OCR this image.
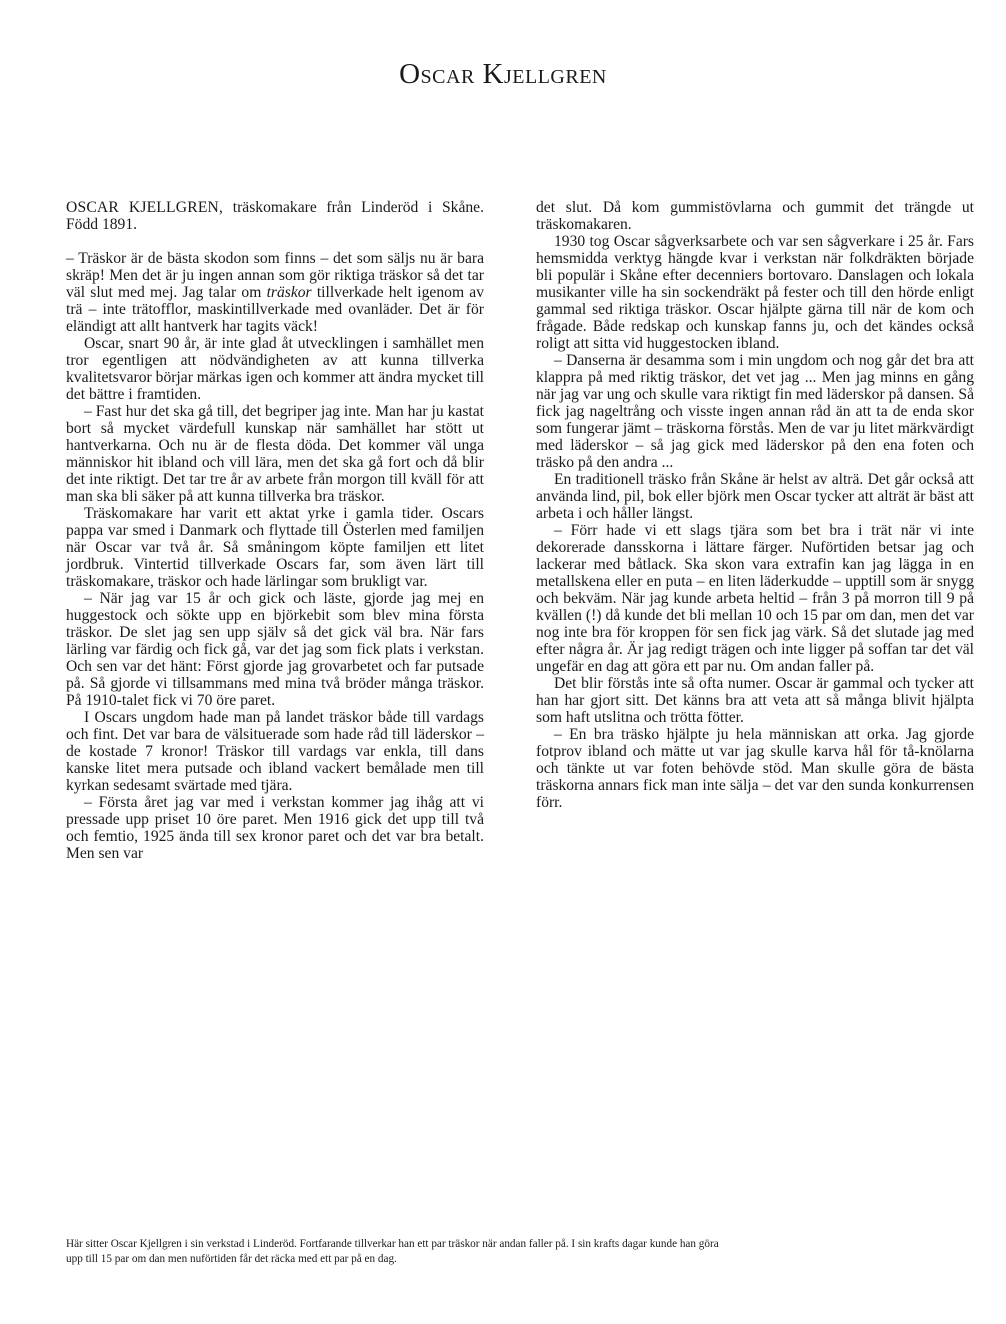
Oscar Kjellgren

OSCAR KJELLGREN, träskomakare från Linderöd i Skåne. Född 1891.

– Träskor är de bästa skodon som finns – det som säljs nu är bara skräp! Men det är ju ingen annan som gör riktiga träskor så det tar väl slut med mej. Jag talar om träskor tillverkade helt igenom av trä – inte trätofflor, maskintillverkade med ovanläder. Det är för eländigt att allt hantverk har tagits väck!

Oscar, snart 90 år, är inte glad åt utvecklingen i samhället men tror egentligen att nödvändigheten av att kunna tillverka kvalitetsvaror börjar märkas igen och kommer att ändra mycket till det bättre i framtiden.

– Fast hur det ska gå till, det begriper jag inte. Man har ju kastat bort så mycket värdefull kunskap när samhället har stött ut hantverkarna. Och nu är de flesta döda. Det kommer väl unga människor hit ibland och vill lära, men det ska gå fort och då blir det inte riktigt. Det tar tre år av arbete från morgon till kväll för att man ska bli säker på att kunna tillverka bra träskor.

Träskomakare har varit ett aktat yrke i gamla tider. Oscars pappa var smed i Danmark och flyttade till Österlen med familjen när Oscar var två år. Så småningom köpte familjen ett litet jordbruk. Vintertid tillverkade Oscars far, som även lärt till träskomakare, träskor och hade lärlingar som brukligt var.

– När jag var 15 år och gick och läste, gjorde jag mej en huggestock och sökte upp en björkebit som blev mina första träskor. De slet jag sen upp själv så det gick väl bra. När fars lärling var färdig och fick gå, var det jag som fick plats i verkstan. Och sen var det hänt: Först gjorde jag grovarbetet och far putsade på. Så gjorde vi tillsammans med mina två bröder många träskor. På 1910-talet fick vi 70 öre paret.

I Oscars ungdom hade man på landet träskor både till vardags och fint. Det var bara de välsituerade som hade råd till läderskor – de kostade 7 kronor! Träskor till vardags var enkla, till dans kanske litet mera putsade och ibland vackert bemålade men till kyrkan sedesamt svärtade med tjära.

– Första året jag var med i verkstan kommer jag ihåg att vi pressade upp priset 10 öre paret. Men 1916 gick det upp till två och femtio, 1925 ända till sex kronor paret och det var bra betalt. Men sen var

det slut. Då kom gummistövlarna och gummit det trängde ut träskomakaren.

1930 tog Oscar sågverksarbete och var sen sågverkare i 25 år. Fars hemsmidda verktyg hängde kvar i verkstan när folkdräkten började bli populär i Skåne efter decenniers bortovaro. Danslagen och lokala musikanter ville ha sin sockendräkt på fester och till den hörde enligt gammal sed riktiga träskor. Oscar hjälpte gärna till när de kom och frågade. Både redskap och kunskap fanns ju, och det kändes också roligt att sitta vid huggestocken ibland.

– Danserna är desamma som i min ungdom och nog går det bra att klappra på med riktig träskor, det vet jag ... Men jag minns en gång när jag var ung och skulle vara riktigt fin med läderskor på dansen. Så fick jag nageltrång och visste ingen annan råd än att ta de enda skor som fungerar jämt – träskorna förstås. Men de var ju litet märkvärdigt med läderskor – så jag gick med läderskor på den ena foten och träsko på den andra ...

En traditionell träsko från Skåne är helst av alträ. Det går också att använda lind, pil, bok eller björk men Oscar tycker att alträt är bäst att arbeta i och håller längst.

– Förr hade vi ett slags tjära som bet bra i trät när vi inte dekorerade dansskorna i lättare färger. Nuförtiden betsar jag och lackerar med båtlack. Ska skon vara extrafin kan jag lägga in en metallskena eller en puta – en liten läderkudde – upptill som är snygg och bekväm. När jag kunde arbeta heltid – från 3 på morron till 9 på kvällen (!) då kunde det bli mellan 10 och 15 par om dan, men det var nog inte bra för kroppen för sen fick jag värk. Så det slutade jag med efter några år. Är jag redigt trägen och inte ligger på soffan tar det väl ungefär en dag att göra ett par nu. Om andan faller på.

Det blir förstås inte så ofta numer. Oscar är gammal och tycker att han har gjort sitt. Det känns bra att veta att så många blivit hjälpta som haft utslitna och trötta fötter.

– En bra träsko hjälpte ju hela människan att orka. Jag gjorde fotprov ibland och mätte ut var jag skulle karva hål för tå-knölarna och tänkte ut var foten behövde stöd. Man skulle göra de bästa träskorna annars fick man inte sälja – det var den sunda konkurrensen förr.

Här sitter Oscar Kjellgren i sin verkstad i Linderöd. Fortfarande tillverkar han ett par träskor när andan faller på. I sin krafts dagar kunde han göra
upp till 15 par om dan men nuförtiden får det räcka med ett par på en dag.
